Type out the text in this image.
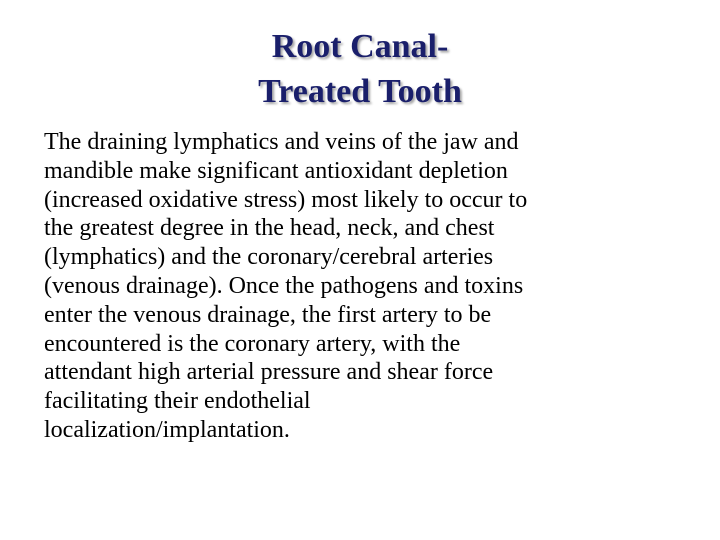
Root Canal-
Treated Tooth

The draining lymphatics and veins of the jaw and
mandible make significant antioxidant depletion
(increased oxidative stress) most likely to occur to
the greatest degree in the head, neck, and chest
(lymphatics) and the coronary/cerebral arteries
(venous drainage). Once the pathogens and toxins
enter the venous drainage, the first artery to be
encountered is the coronary artery, with the
attendant high arterial pressure and shear force
facilitating their endothelial
localization/implantation.
